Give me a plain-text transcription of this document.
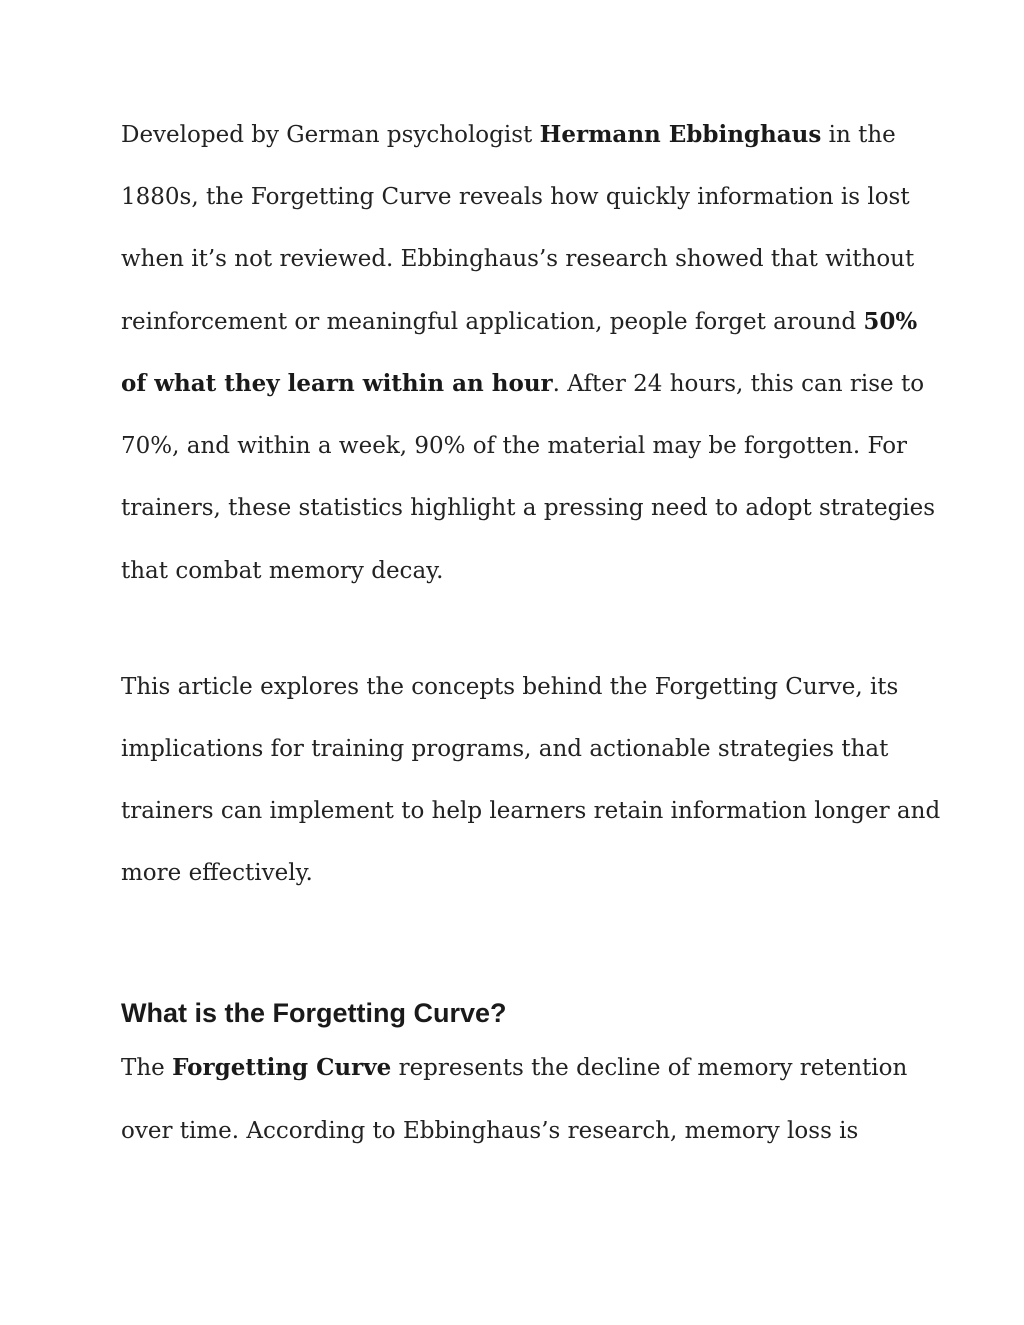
Developed by German psychologist Hermann Ebbinghaus in the
1880s, the Forgetting Curve reveals how quickly information is lost
when it’s not reviewed. Ebbinghaus’s research showed that without
reinforcement or meaningful application, people forget around 50%
of what they learn within an hour. After 24 hours, this can rise to
70%, and within a week, 90% of the material may be forgotten. For
trainers, these statistics highlight a pressing need to adopt strategies
that combat memory decay.
This article explores the concepts behind the Forgetting Curve, its
implications for training programs, and actionable strategies that
trainers can implement to help learners retain information longer and
more effectively.
What is the Forgetting Curve?
The Forgetting Curve represents the decline of memory retention
over time. According to Ebbinghaus’s research, memory loss is
